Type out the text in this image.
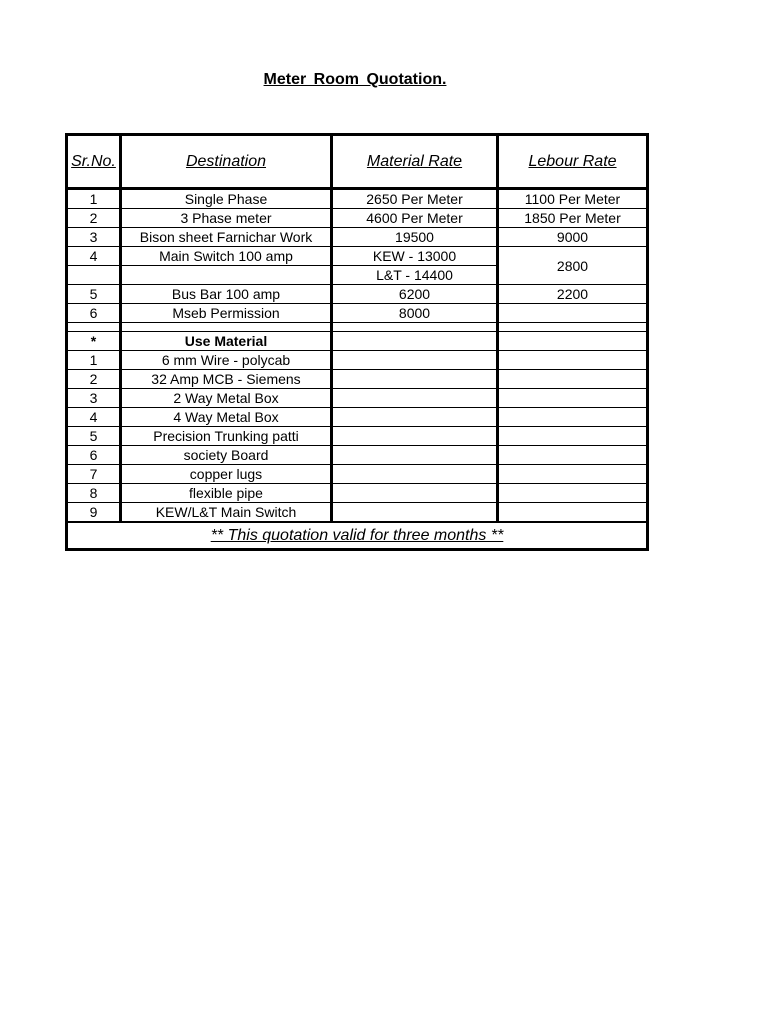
Meter Room Quotation.
Sr.No.	Destination	Material Rate	Lebour Rate
1	Single Phase	2650 Per Meter	1100 Per Meter
2	3 Phase meter	4600 Per Meter	1850 Per Meter
3	Bison sheet Farnichar Work	19500	9000
4	Main Switch 100 amp	KEW - 13000	2800
		L&T - 14400	
5	Bus Bar 100 amp	6200	2200
6	Mseb Permission	8000	

*	Use Material		
1	6 mm Wire - polycab		
2	32 Amp MCB - Siemens		
3	2 Way Metal Box		
4	4 Way Metal Box		
5	Precision Trunking patti		
6	society Board		
7	copper lugs		
8	flexible pipe		
9	KEW/L&T Main Switch		
** This quotation valid for three months **			
